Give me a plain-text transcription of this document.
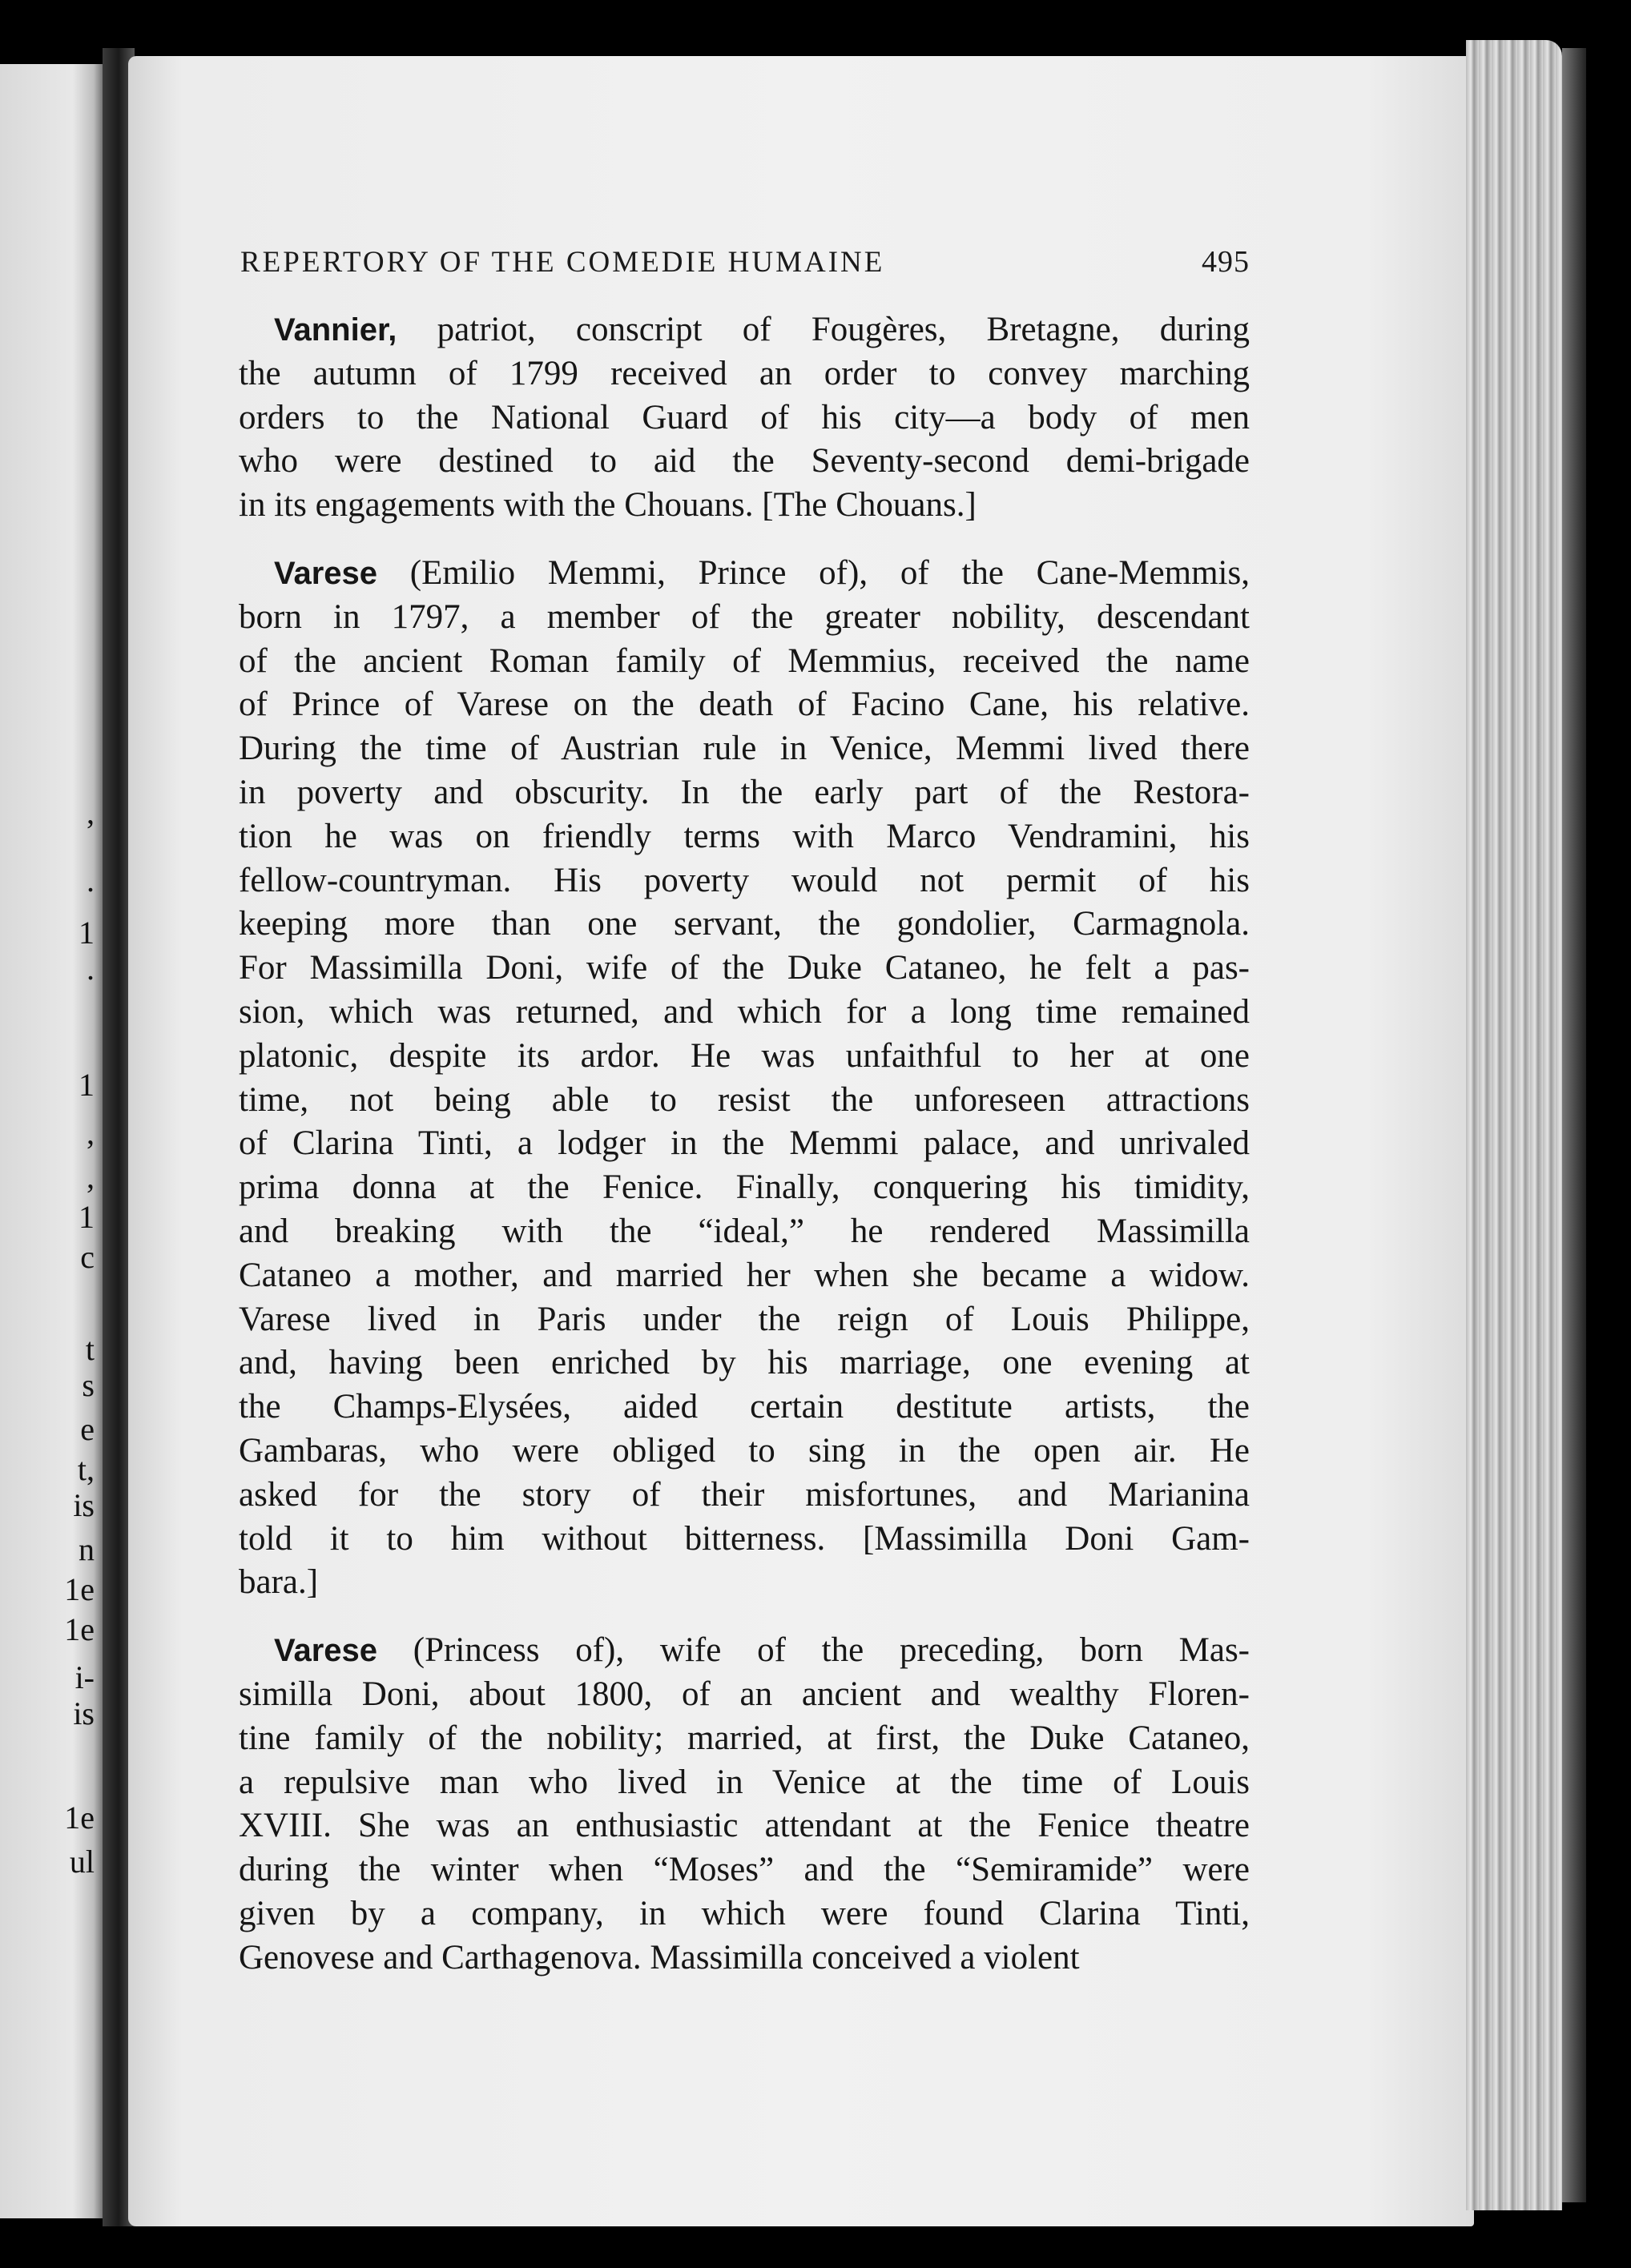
,
.
1
.
1
,
,
1
c
t
s
e
t,
is
n
1e
1e
i-
is
1e
ul
REPERTORY OF THE COMEDIE HUMAINE	495

Vannier, patriot, conscript of Fougères, Bretagne, during
the autumn of 1799 received an order to convey marching
orders to the National Guard of his city—a body of men
who were destined to aid the Seventy-second demi-brigade
in its engagements with the Chouans. [The Chouans.]

Varese (Emilio Memmi, Prince of), of the Cane-Memmis,
born in 1797, a member of the greater nobility, descendant
of the ancient Roman family of Memmius, received the name
of Prince of Varese on the death of Facino Cane, his relative.
During the time of Austrian rule in Venice, Memmi lived there
in poverty and obscurity. In the early part of the Restora-
tion he was on friendly terms with Marco Vendramini, his
fellow-countryman. His poverty would not permit of his
keeping more than one servant, the gondolier, Carmagnola.
For Massimilla Doni, wife of the Duke Cataneo, he felt a pas-
sion, which was returned, and which for a long time remained
platonic, despite its ardor. He was unfaithful to her at one
time, not being able to resist the unforeseen attractions
of Clarina Tinti, a lodger in the Memmi palace, and unrivaled
prima donna at the Fenice. Finally, conquering his timidity,
and breaking with the “ideal,” he rendered Massimilla
Cataneo a mother, and married her when she became a widow.
Varese lived in Paris under the reign of Louis Philippe,
and, having been enriched by his marriage, one evening at
the Champs-Elysées, aided certain destitute artists, the
Gambaras, who were obliged to sing in the open air. He
asked for the story of their misfortunes, and Marianina
told it to him without bitterness. [Massimilla Doni Gam-
bara.]

Varese (Princess of), wife of the preceding, born Mas-
similla Doni, about 1800, of an ancient and wealthy Floren-
tine family of the nobility; married, at first, the Duke Cataneo,
a repulsive man who lived in Venice at the time of Louis
XVIII. She was an enthusiastic attendant at the Fenice theatre
during the winter when “Moses” and the “Semiramide” were
given by a company, in which were found Clarina Tinti,
Genovese and Carthagenova. Massimilla conceived a violent
